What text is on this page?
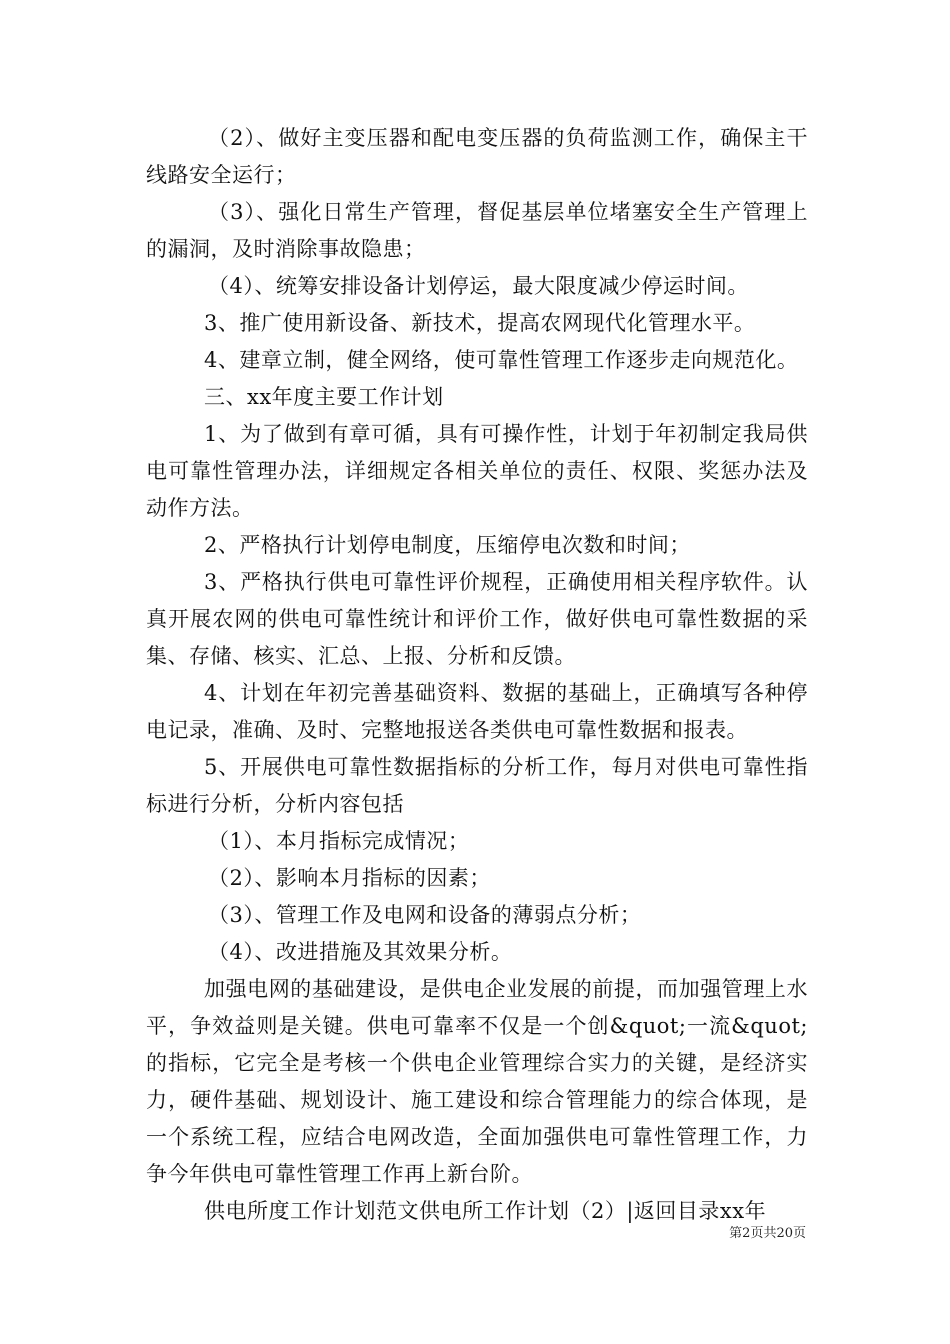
（2）、做好主变压器和配电变压器的负荷监测工作，确保主干线路安全运行；

（3）、强化日常生产管理，督促基层单位堵塞安全生产管理上的漏洞，及时消除事故隐患；

（4）、统筹安排设备计划停运，最大限度减少停运时间。

3、推广使用新设备、新技术，提高农网现代化管理水平。

4、建章立制，健全网络，使可靠性管理工作逐步走向规范化。

三、xx年度主要工作计划

1、为了做到有章可循，具有可操作性，计划于年初制定我局供电可靠性管理办法，详细规定各相关单位的责任、权限、奖惩办法及动作方法。

2、严格执行计划停电制度，压缩停电次数和时间；

3、严格执行供电可靠性评价规程，正确使用相关程序软件。认真开展农网的供电可靠性统计和评价工作，做好供电可靠性数据的采集、存储、核实、汇总、上报、分析和反馈。

4、计划在年初完善基础资料、数据的基础上，正确填写各种停电记录，准确、及时、完整地报送各类供电可靠性数据和报表。

5、开展供电可靠性数据指标的分析工作，每月对供电可靠性指标进行分析，分析内容包括

（1）、本月指标完成情况；

（2）、影响本月指标的因素；

（3）、管理工作及电网和设备的薄弱点分析；

（4）、改进措施及其效果分析。

加强电网的基础建设，是供电企业发展的前提，而加强管理上水平，争效益则是关键。供电可靠率不仅是一个创&quot;一流&quot;的指标，它完全是考核一个供电企业管理综合实力的关键，是经济实力，硬件基础、规划设计、施工建设和综合管理能力的综合体现，是一个系统工程，应结合电网改造，全面加强供电可靠性管理工作，力争今年供电可靠性管理工作再上新台阶。

供电所度工作计划范文供电所工作计划（2）|返回目录xx年

第2页共20页
